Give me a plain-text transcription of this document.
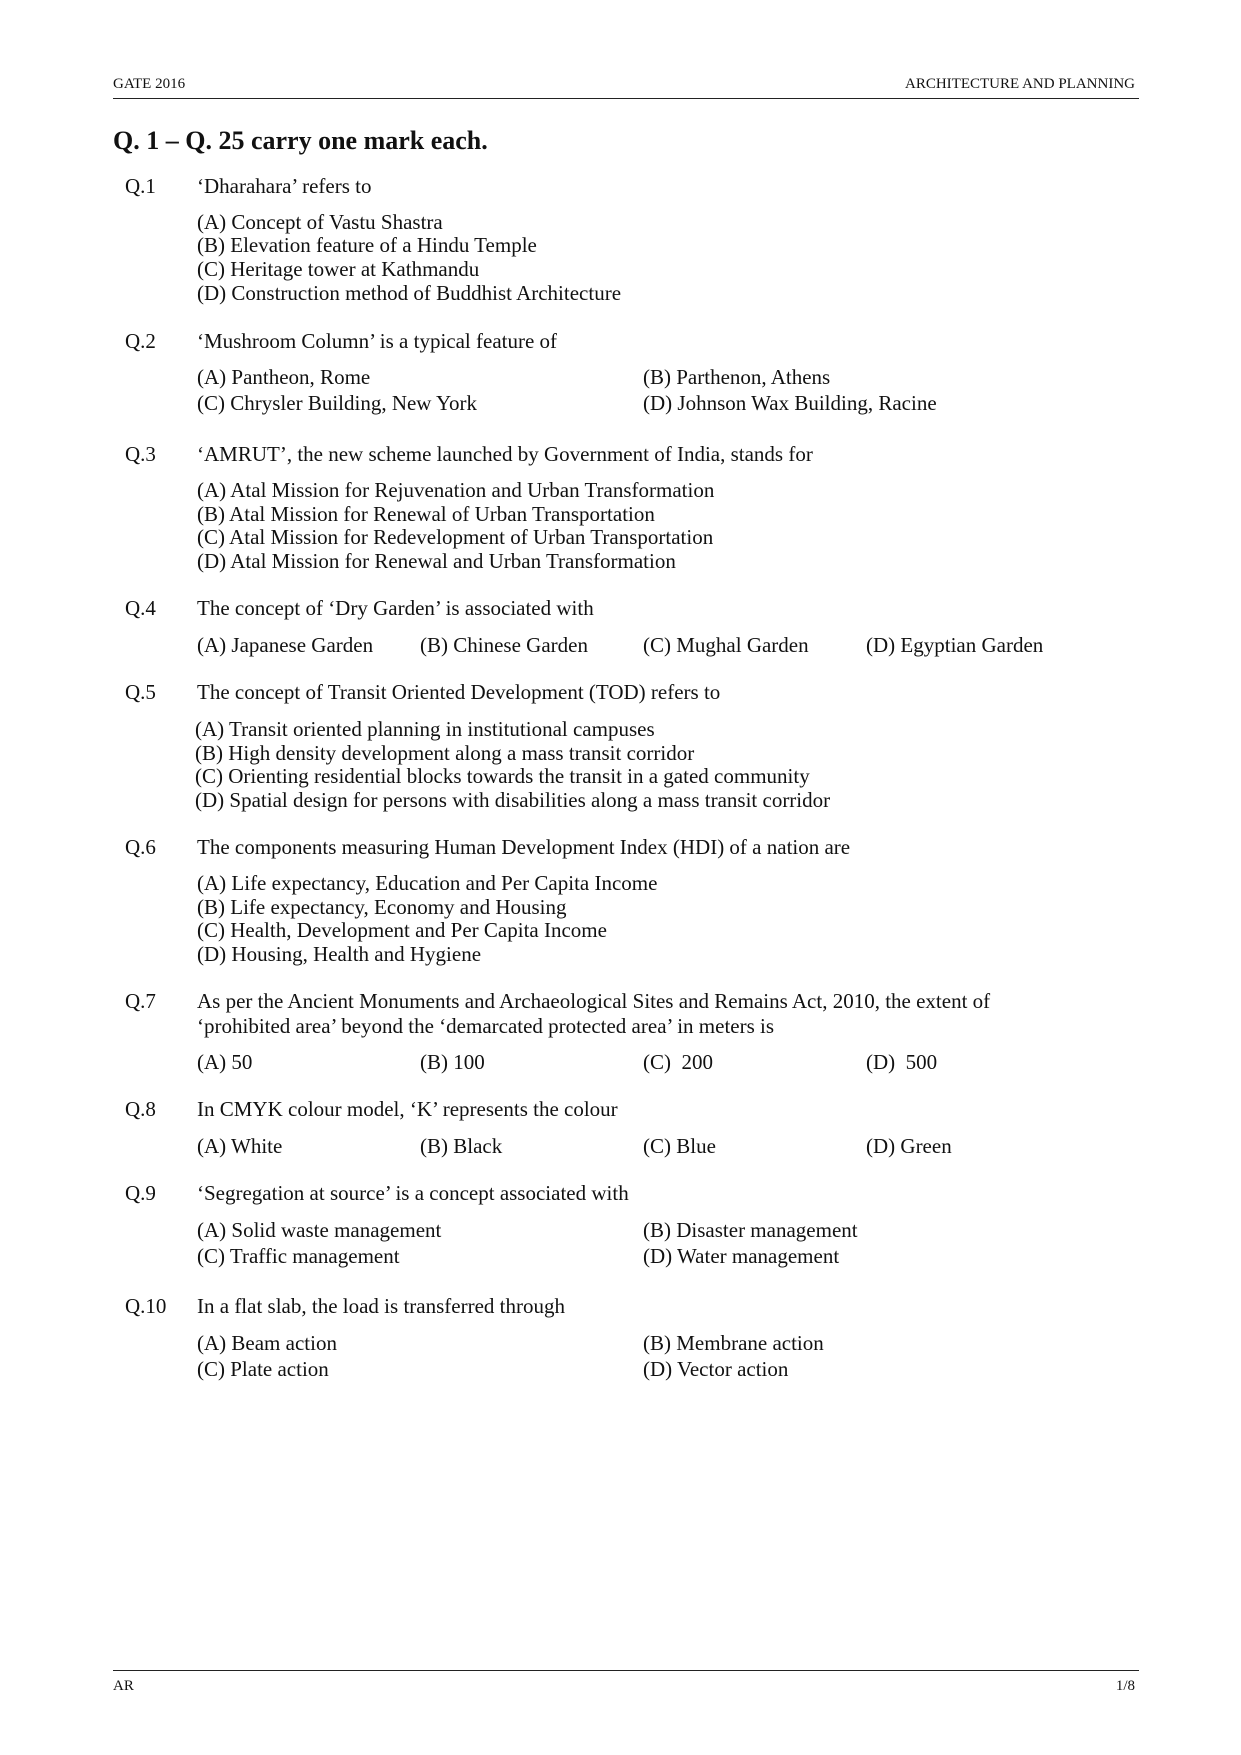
GATE 2016	ARCHITECTURE AND PLANNING
Q. 1 – Q. 25 carry one mark each.
Q.1 ‘Dharahara’ refers to
(A) Concept of Vastu Shastra
(B) Elevation feature of a Hindu Temple
(C) Heritage tower at Kathmandu
(D) Construction method of Buddhist Architecture
Q.2 ‘Mushroom Column’ is a typical feature of
(A) Pantheon, Rome	(B) Parthenon, Athens
(C) Chrysler Building, New York	(D) Johnson Wax Building, Racine
Q.3 ‘AMRUT’, the new scheme launched by Government of India, stands for
(A) Atal Mission for Rejuvenation and Urban Transformation
(B) Atal Mission for Renewal of Urban Transportation
(C) Atal Mission for Redevelopment of Urban Transportation
(D) Atal Mission for Renewal and Urban Transformation
Q.4 The concept of ‘Dry Garden’ is associated with
(A) Japanese Garden (B) Chinese Garden	(C) Mughal Garden	(D) Egyptian Garden
Q.5 The concept of Transit Oriented Development (TOD) refers to
(A) Transit oriented planning in institutional campuses
(B) High density development along a mass transit corridor
(C) Orienting residential blocks towards the transit in a gated community
(D) Spatial design for persons with disabilities along a mass transit corridor
Q.6 The components measuring Human Development Index (HDI) of a nation are
(A) Life expectancy, Education and Per Capita Income
(B) Life expectancy, Economy and Housing
(C) Health, Development and Per Capita Income
(D) Housing, Health and Hygiene
Q.7 As per the Ancient Monuments and Archaeological Sites and Remains Act, 2010, the extent of
‘prohibited area’ beyond the ‘demarcated protected area’ in meters is
(A) 50	(B) 100	(C)  200	(D)  500
Q.8 In CMYK colour model, ‘K’ represents the colour
(A) White	(B) Black	(C) Blue	(D) Green
Q.9 ‘Segregation at source’ is a concept associated with
(A) Solid waste management	(B) Disaster management
(C) Traffic management	(D) Water management
Q.10 In a flat slab, the load is transferred through
(A) Beam action	(B) Membrane action
(C) Plate action	(D) Vector action
AR	1/8
